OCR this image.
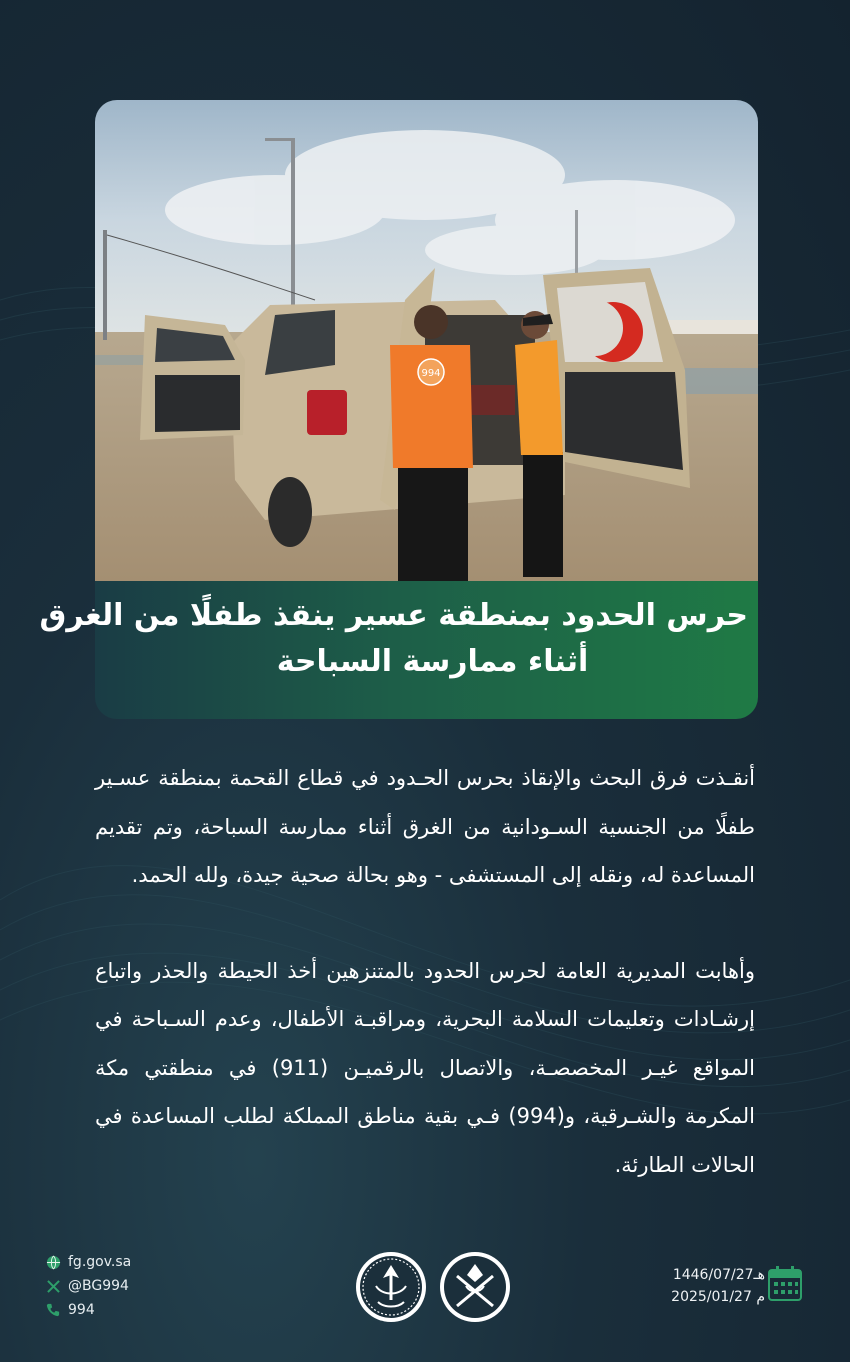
994
حرس الحدود بمنطقة عسير ينقذ طفلًا من الغرق
أثناء ممارسة السباحة

أنقـذت فرق البحث والإنقاذ بحرس الحـدود في قطاع القحمة بمنطقة عسـير طفلًا من الجنسية السـودانية من الغرق أثناء ممارسة السباحة، وتم تقديم المساعدة له، ونقله إلى المستشفى - وهو بحالة صحية جيدة، ولله الحمد.

وأهابت المديرية العامة لحرس الحدود بالمتنزهين أخذ الحيطة والحذر واتباع إرشـادات وتعليمات السلامة البحرية، ومراقبـة الأطفال، وعدم السـباحة في المواقع غيـر المخصصـة، والاتصال بالرقميـن (911) في منطقتي مكة المكرمة والشـرقية، و(994) فـي بقية مناطق المملكة لطلب المساعدة في الحالات الطارئة.

fg.gov.sa
@BG994
994
1446/07/27هـ
2025/01/27 م
